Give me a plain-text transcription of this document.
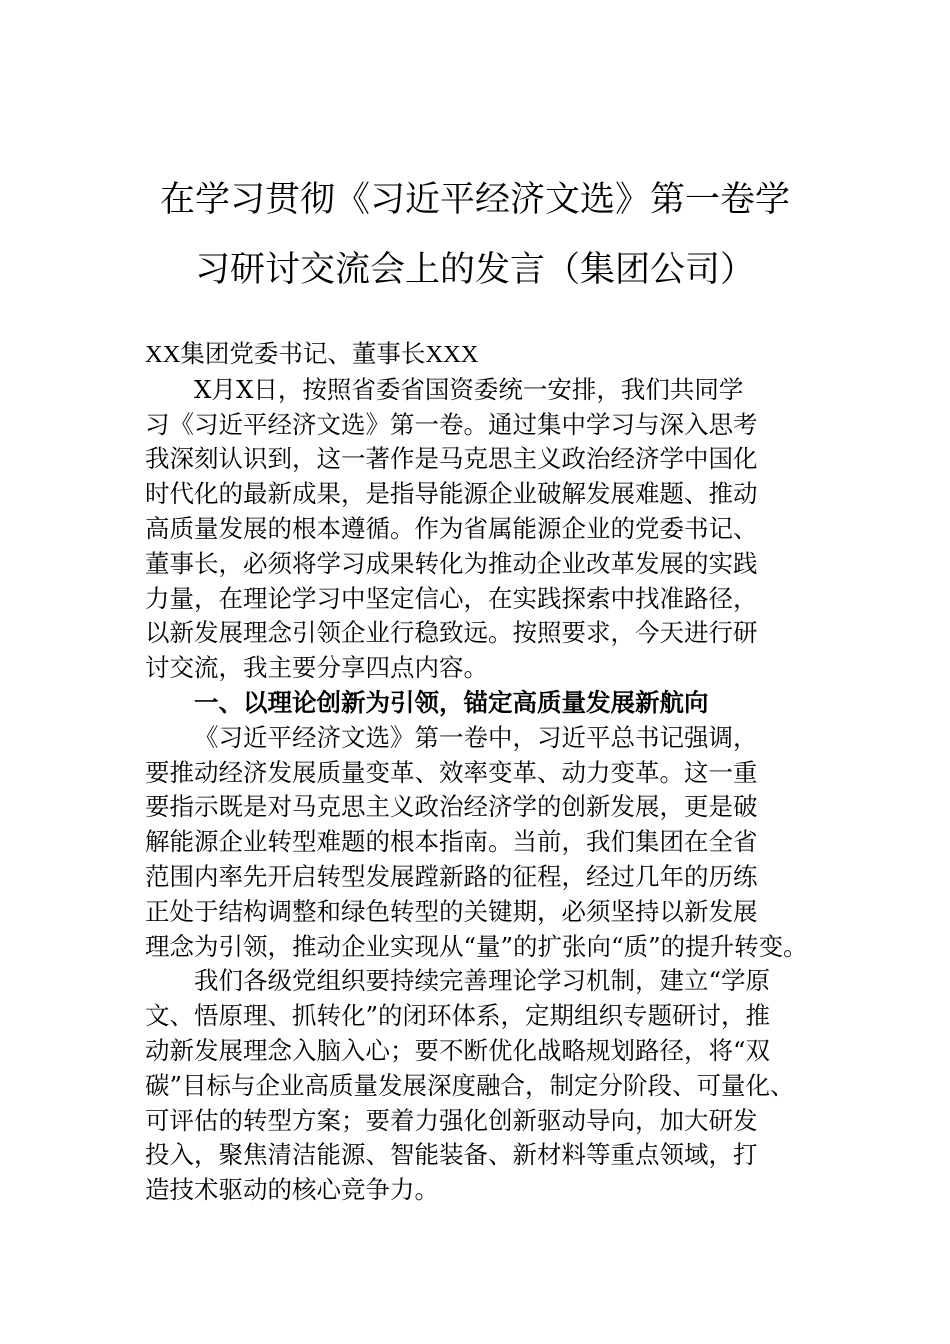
在学习贯彻《习近平经济文选》第一卷学
习研讨交流会上的发言（集团公司）
XX集团党委书记、董事长XXX
X月X日，按照省委省国资委统一安排，我们共同学
习《习近平经济文选》第一卷。通过集中学习与深入思考
我深刻认识到，这一著作是马克思主义政治经济学中国化
时代化的最新成果，是指导能源企业破解发展难题、推动
高质量发展的根本遵循。作为省属能源企业的党委书记、
董事长，必须将学习成果转化为推动企业改革发展的实践
力量，在理论学习中坚定信心，在实践探索中找准路径，
以新发展理念引领企业行稳致远。按照要求，今天进行研
讨交流，我主要分享四点内容。
一、以理论创新为引领，锚定高质量发展新航向
《习近平经济文选》第一卷中，习近平总书记强调，
要推动经济发展质量变革、效率变革、动力变革。这一重
要指示既是对马克思主义政治经济学的创新发展，更是破
解能源企业转型难题的根本指南。当前，我们集团在全省
范围内率先开启转型发展蹚新路的征程，经过几年的历练
正处于结构调整和绿色转型的关键期，必须坚持以新发展
理念为引领，推动企业实现从“量”的扩张向“质”的提升转变。
我们各级党组织要持续完善理论学习机制，建立“学原
文、悟原理、抓转化”的闭环体系，定期组织专题研讨，推
动新发展理念入脑入心；要不断优化战略规划路径，将“双
碳”目标与企业高质量发展深度融合，制定分阶段、可量化、
可评估的转型方案；要着力强化创新驱动导向，加大研发
投入，聚焦清洁能源、智能装备、新材料等重点领域，打
造技术驱动的核心竞争力。
